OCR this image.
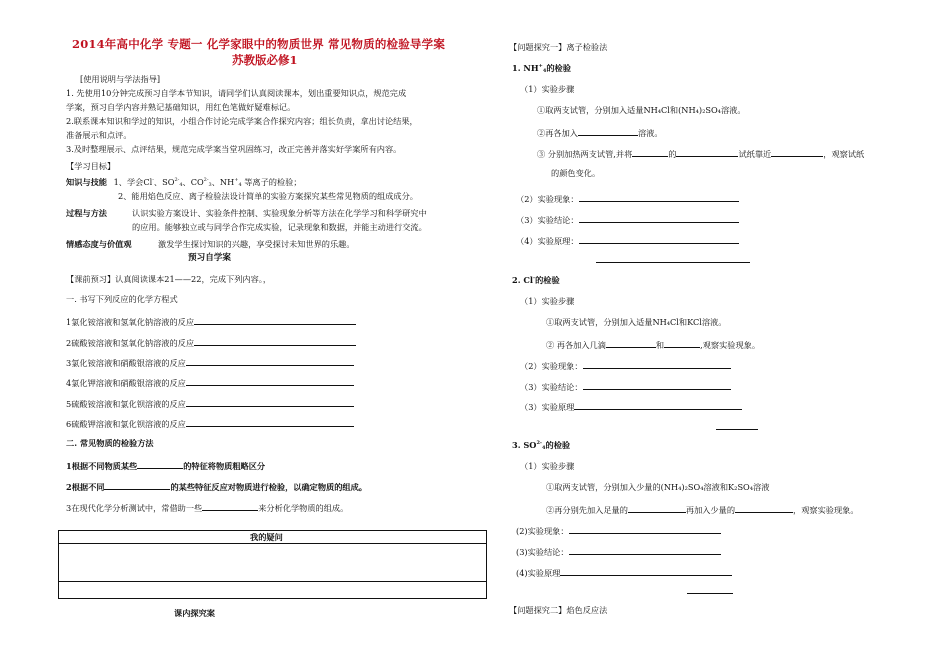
2014年高中化学 专题一 化学家眼中的物质世界 常见物质的检验导学案
苏教版必修1
[使用说明与学法指导]
1. 先使用10分钟完成预习自学本节知识，请同学们认真阅读课本，划出重要知识点，规范完成
学案，预习自学内容并熟记基础知识，用红色笔做好疑难标记。
2.联系课本知识和学过的知识，小组合作讨论完成学案合作探究内容；组长负责，拿出讨论结果，
准备展示和点评。
3.及时整理展示、点评结果，规范完成学案当堂巩固练习，改正完善并落实好学案所有内容。
【学习目标】
知识与技能 1、学会Cl-、$SO^{2-}_4$、$CO^{2-}_3$、$NH^+_4$ 等离子的检验；
2、能用焰色反应、离子检验法设计简单的实验方案探究某些常见物质的组成成分。
过程与方法	认识实验方案设计、实验条件控制、实验现象分析等方法在化学学习和科学研究中
的应用。能够独立或与同学合作完成实验，记录现象和数据，并能主动进行交流。
情感态度与价值观	激发学生探讨知识的兴趣，享受探讨未知世界的乐趣。
预习自学案
【课前预习】认真阅读课本21——22，完成下列内容。，
一. 书写下列反应的化学方程式
1氯化铵溶液和氢氧化钠溶液的反应
2硫酸铵溶液和氢氧化钠溶液的反应
3氯化铵溶液和硝酸银溶液的反应
4氯化钾溶液和硝酸银溶液的反应
5硫酸铵溶液和氯化钡溶液的反应
6硫酸钾溶液和氯化钡溶液的反应
二. 常见物质的检验方法
1根据不同物质某些	的特征将物质粗略区分
2根据不同	的某些特征反应对物质进行检验，以确定物质的组成。
3在现代化学分析测试中，常借助一些	来分析化学物质的组成。
我的疑问
课内探究案
【问题探究一】离子检验法
1. $NH^+_4$的检验
（1）实验步骤
①取两支试管，分别加入适量NH₄Cl和(NH₄)₂SO₄溶液。
②再各加入	溶液。
③ 分别加热两支试管,并将	的	试纸靠近	，观察试纸
的颜色变化。
（2）实验现象：
（3）实验结论：
（4）实验原理：
2. Cl-的检验
（1）实验步骤
①取两支试管，分别加入适量NH₄Cl和KCl溶液。
② 再各加入几滴	和	,观察实验现象。
（2）实验现象：
（3）实验结论：
（3）实验原理
3. $SO^{2-}_4$的检验
（1）实验步骤
①取两支试管，分别加入少量的(NH₄)₂SO₄溶液和K₂SO₄溶液
②再分别先加入足量的	再加入少量的	，观察实验现象。
(2)实验现象：
(3)实验结论：
(4)实验原理
【问题探究二】焰色反应法
